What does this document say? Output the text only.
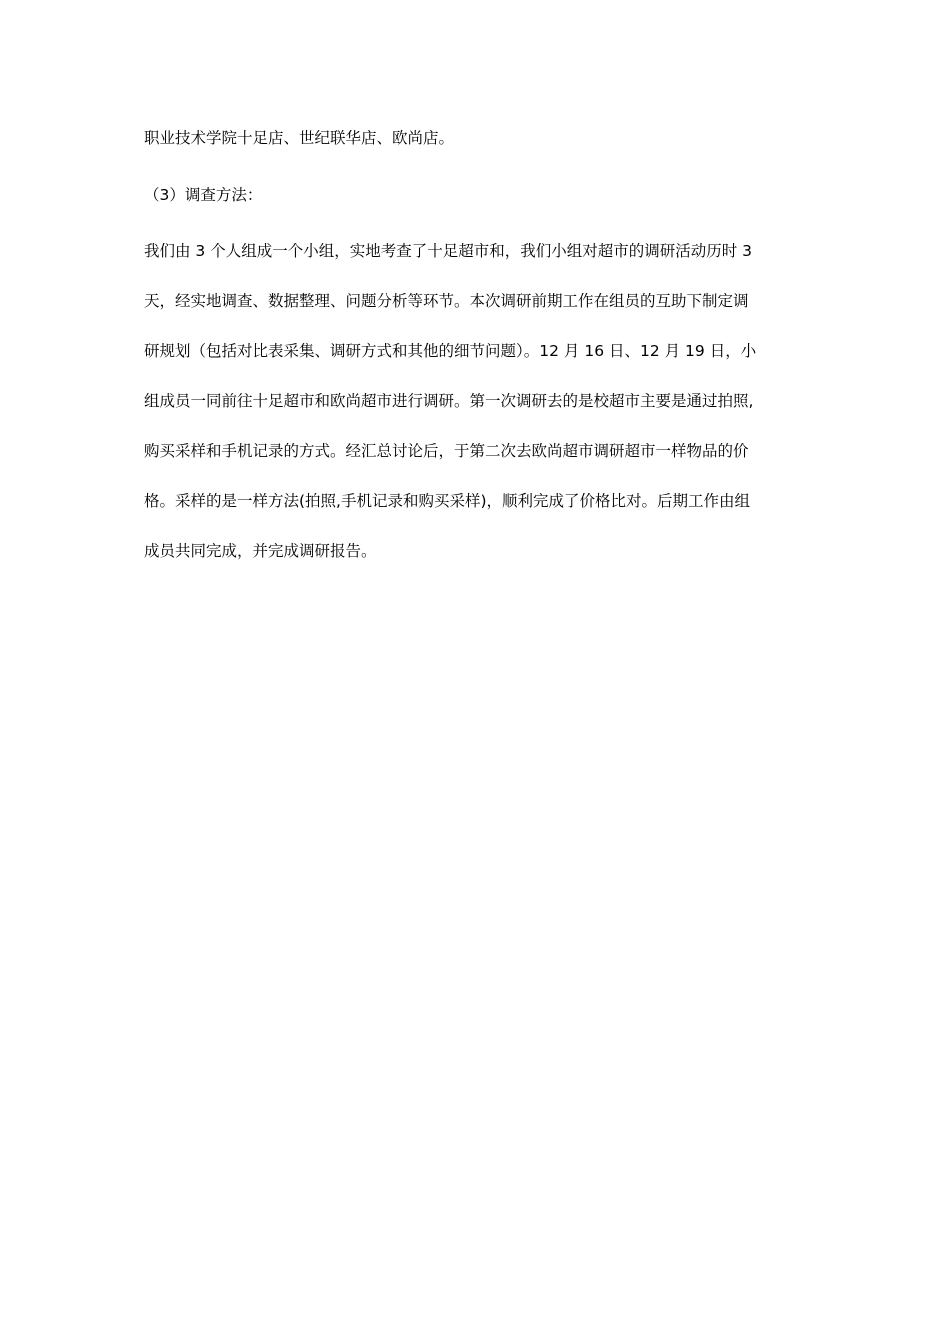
职业技术学院十足店、世纪联华店、欧尚店。
（3）调查方法：
我们由 3 个人组成一个小组，实地考查了十足超市和，我们小组对超市的调研活动历时 3
天，经实地调查、数据整理、问题分析等环节。本次调研前期工作在组员的互助下制定调
研规划（包括对比表采集、调研方式和其他的细节问题）。12 月 16 日、12 月 19 日，小
组成员一同前往十足超市和欧尚超市进行调研。第一次调研去的是校超市主要是通过拍照,
购买采样和手机记录的方式。经汇总讨论后，于第二次去欧尚超市调研超市一样物品的价
格。采样的是一样方法(拍照,手机记录和购买采样)，顺利完成了价格比对。后期工作由组
成员共同完成，并完成调研报告。
